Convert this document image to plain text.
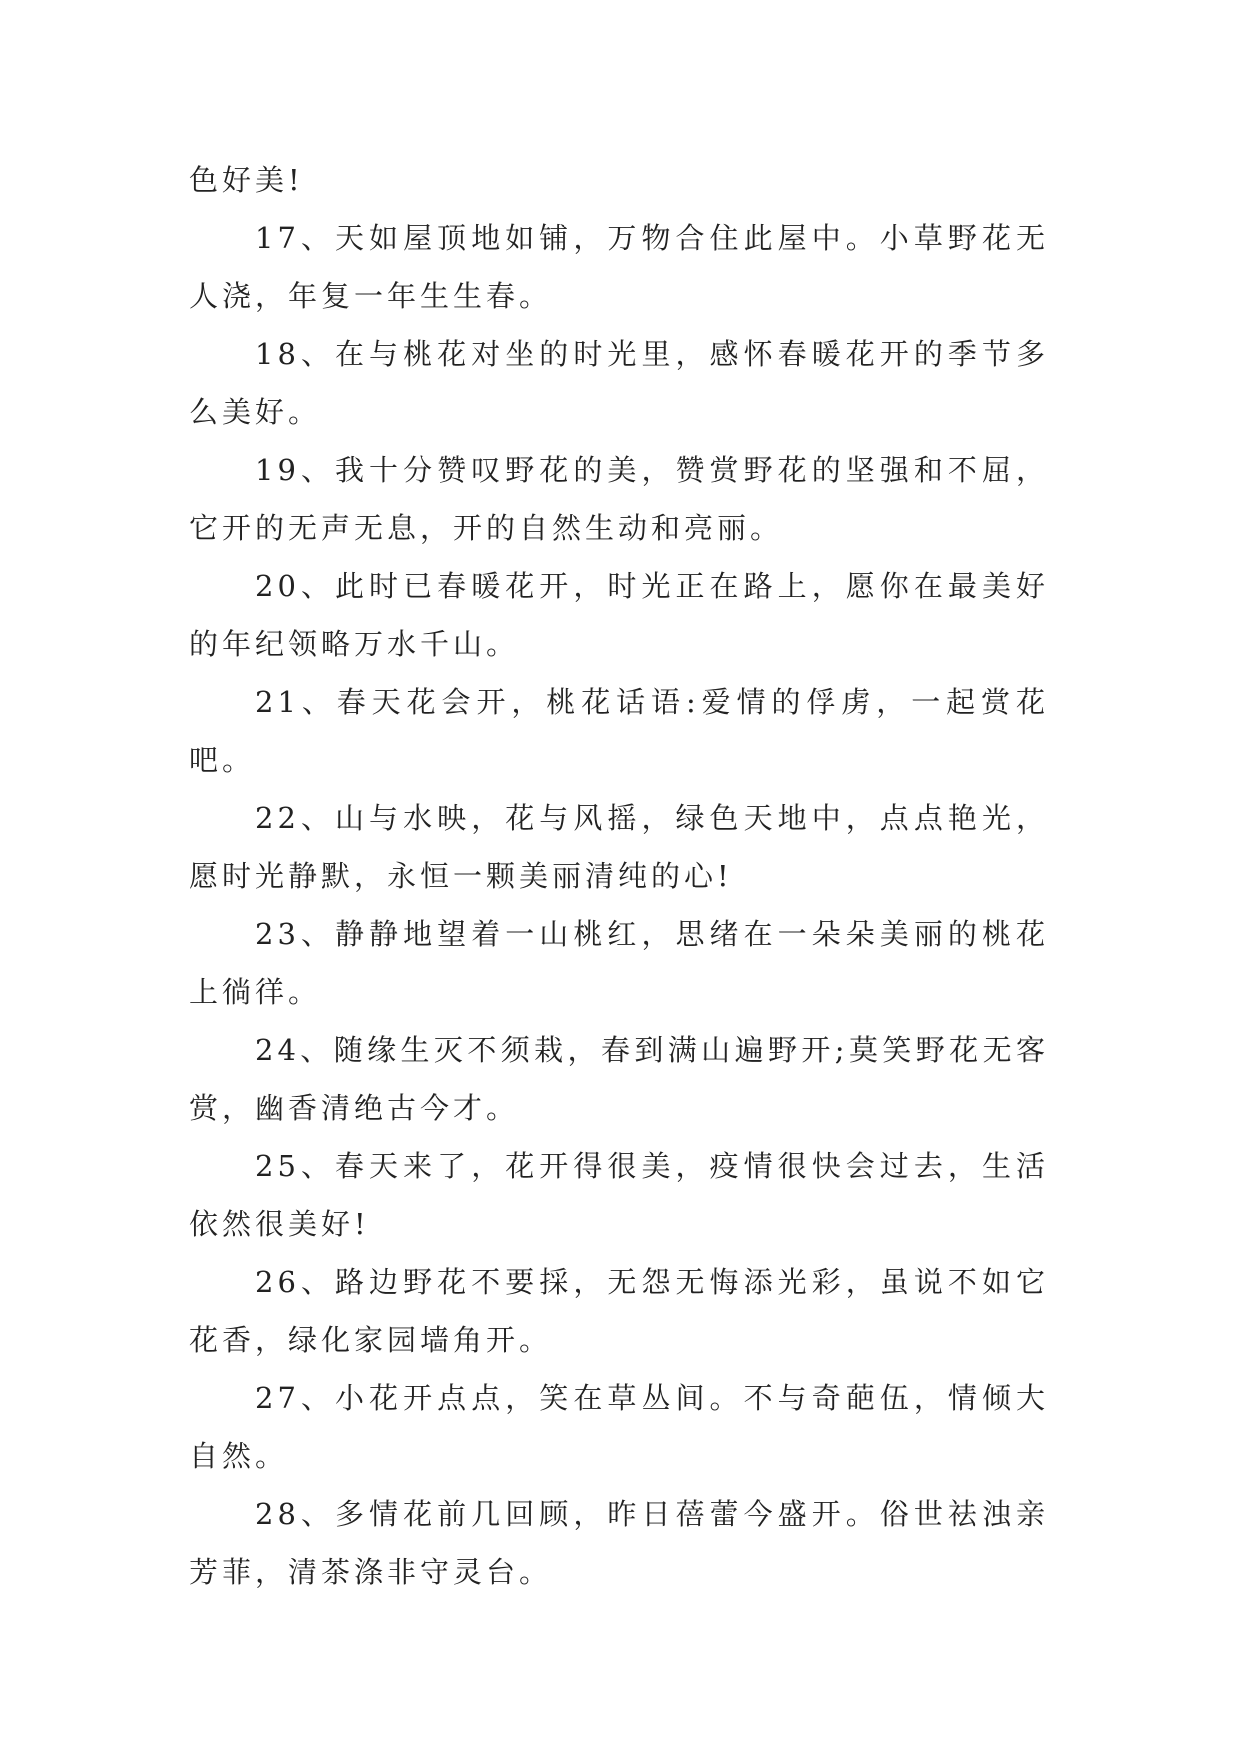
色好美!

17、天如屋顶地如铺，万物合住此屋中。小草野花无人浇，年复一年生生春。

18、在与桃花对坐的时光里，感怀春暖花开的季节多么美好。

19、我十分赞叹野花的美，赞赏野花的坚强和不屈，它开的无声无息，开的自然生动和亮丽。

20、此时已春暖花开，时光正在路上，愿你在最美好的年纪领略万水千山。

21、春天花会开，桃花话语:爱情的俘虏，一起赏花吧。

22、山与水映，花与风摇，绿色天地中，点点艳光，愿时光静默，永恒一颗美丽清纯的心!

23、静静地望着一山桃红，思绪在一朵朵美丽的桃花上徜徉。

24、随缘生灭不须栽，春到满山遍野开;莫笑野花无客赏，幽香清绝古今才。

25、春天来了，花开得很美，疫情很快会过去，生活依然很美好!

26、路边野花不要採，无怨无悔添光彩，虽说不如它花香，绿化家园墙角开。

27、小花开点点，笑在草丛间。不与奇葩伍，情倾大自然。

28、多情花前几回顾，昨日蓓蕾今盛开。俗世祛浊亲芳菲，清茶涤非守灵台。
